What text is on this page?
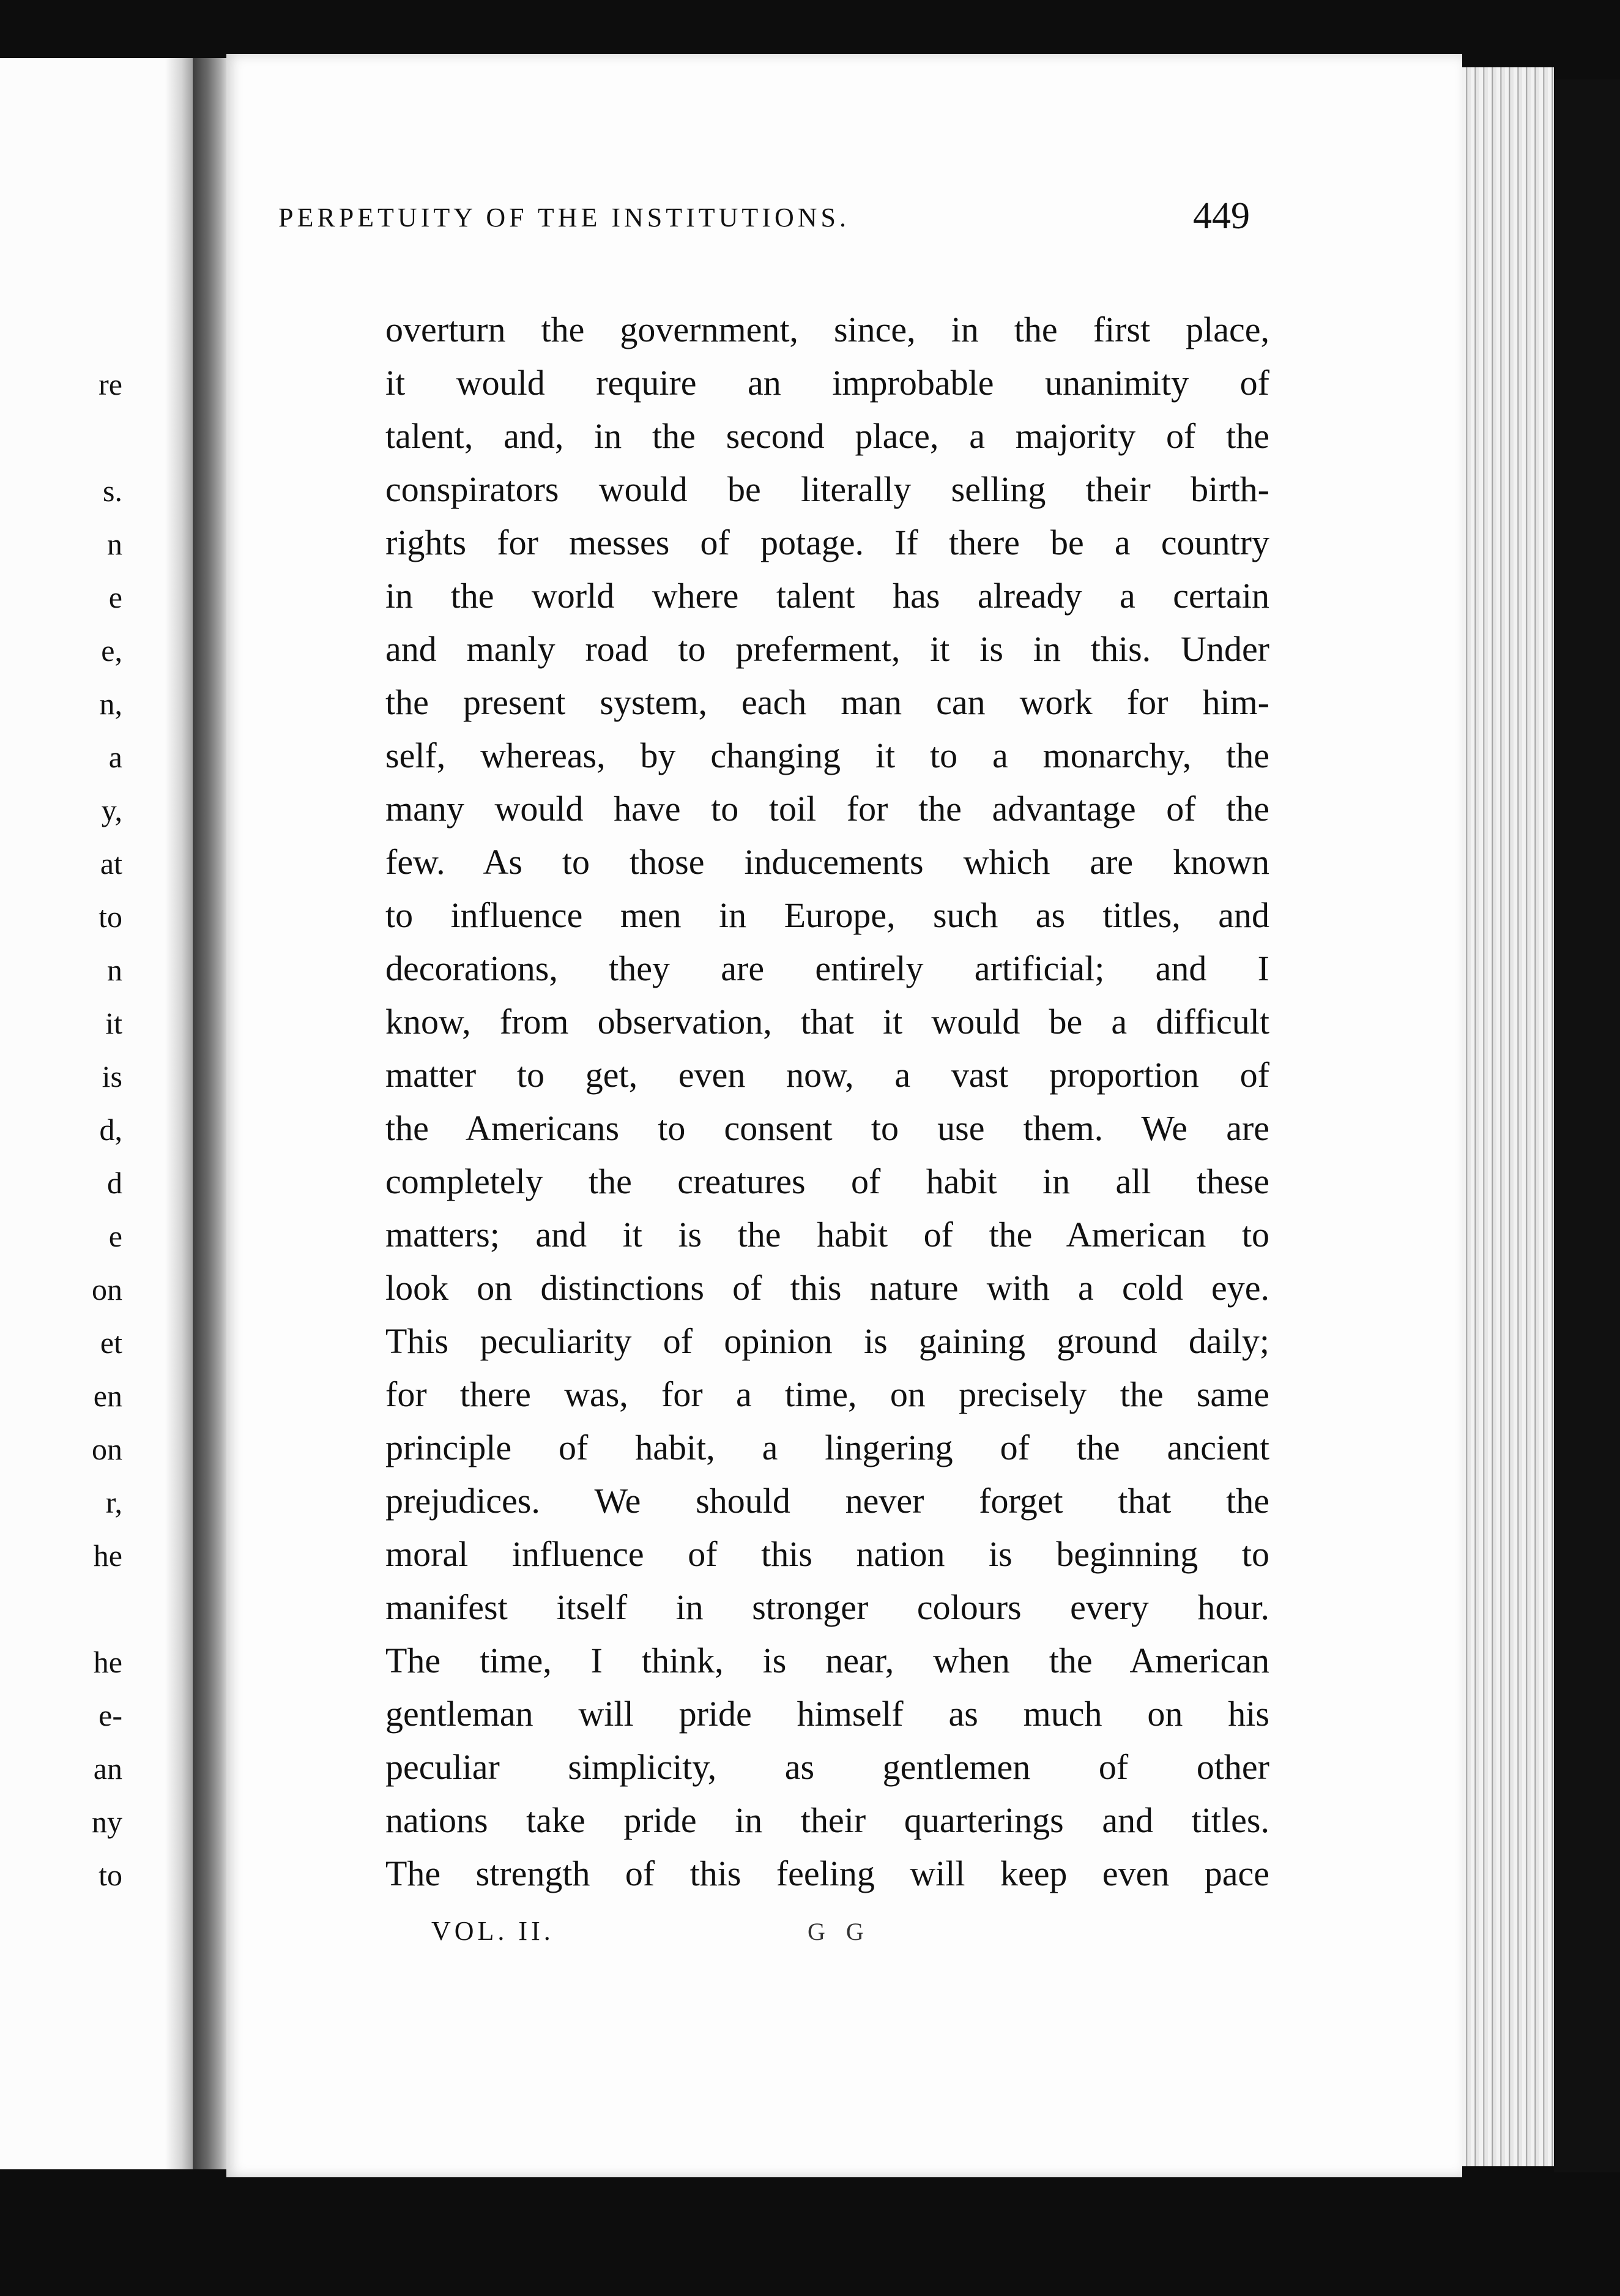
re
s.
n
e
e,
n,
a
y,
at
to
n
it
is
d,
d
e
on
et
en
on
r,
he
he
e-
an
ny
to
PERPETUITY OF THE INSTITUTIONS.	449
overturn the government, since, in the first place,
it would require an improbable unanimity of
talent, and, in the second place, a majority of the
conspirators would be literally selling their birth-
rights for messes of potage. If there be a country
in the world where talent has already a certain
and manly road to preferment, it is in this. Under
the present system, each man can work for him-
self, whereas, by changing it to a monarchy, the
many would have to toil for the advantage of the
few. As to those inducements which are known
to influence men in Europe, such as titles, and
decorations, they are entirely artificial; and I
know, from observation, that it would be a difficult
matter to get, even now, a vast proportion of
the Americans to consent to use them. We are
completely the creatures of habit in all these
matters; and it is the habit of the American to
look on distinctions of this nature with a cold eye.
This peculiarity of opinion is gaining ground daily;
for there was, for a time, on precisely the same
principle of habit, a lingering of the ancient
prejudices. We should never forget that the
moral influence of this nation is beginning to
manifest itself in stronger colours every hour.
The time, I think, is near, when the American
gentleman will pride himself as much on his
peculiar simplicity, as gentlemen of other
nations take pride in their quarterings and titles.
The strength of this feeling will keep even pace
VOL. II.	G G
